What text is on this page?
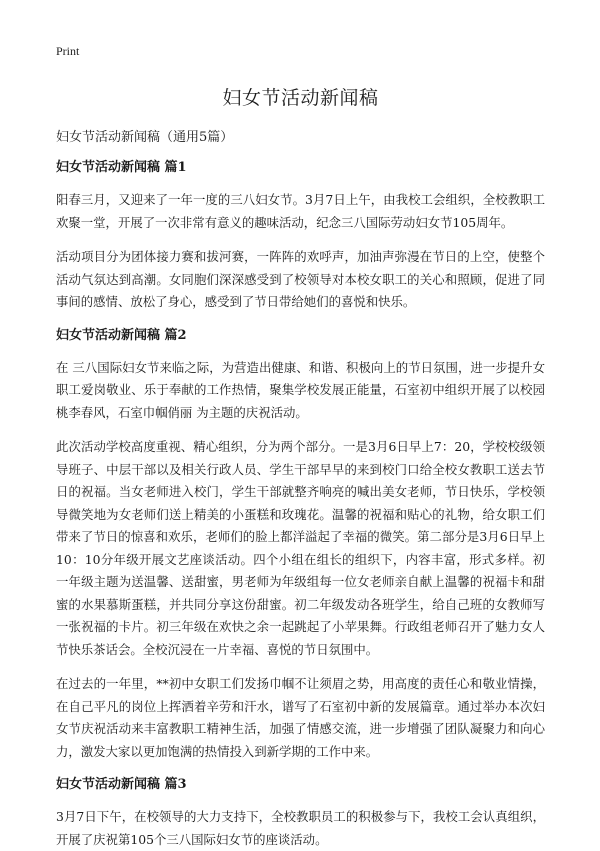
Print
妇女节活动新闻稿
妇女节活动新闻稿（通用5篇）
妇女节活动新闻稿 篇1

阳春三月，又迎来了一年一度的三八妇女节。3月7日上午，由我校工会组织，全校教职工欢聚一堂，开展了一次非常有意义的趣味活动，纪念三八国际劳动妇女节105周年。

活动项目分为团体接力赛和拔河赛，一阵阵的欢呼声，加油声弥漫在节日的上空，使整个活动气氛达到高潮。女同胞们深深感受到了校领导对本校女职工的关心和照顾，促进了同事间的感情、放松了身心，感受到了节日带给她们的喜悦和快乐。

妇女节活动新闻稿 篇2

在 三八国际妇女节来临之际，为营造出健康、和谐、积极向上的节日氛围，进一步提升女职工爱岗敬业、乐于奉献的工作热情，聚集学校发展正能量，石室初中组织开展了以校园桃李春风，石室巾帼俏丽 为主题的庆祝活动。

此次活动学校高度重视、精心组织，分为两个部分。一是3月6日早上7：20，学校校级领导班子、中层干部以及相关行政人员、学生干部早早的来到校门口给全校女教职工送去节日的祝福。当女老师进入校门，学生干部就整齐响亮的喊出美女老师，节日快乐，学校领导微笑地为女老师们送上精美的小蛋糕和玫瑰花。温馨的祝福和贴心的礼物，给女职工们带来了节日的惊喜和欢乐，老师们的脸上都洋溢起了幸福的微笑。第二部分是3月6日早上10：10分年级开展文艺座谈活动。四个小组在组长的组织下，内容丰富，形式多样。初一年级主题为送温馨、送甜蜜，男老师为年级组每一位女老师亲自献上温馨的祝福卡和甜蜜的水果慕斯蛋糕，并共同分享这份甜蜜。初二年级发动各班学生，给自己班的女教师写一张祝福的卡片。初三年级在欢快之余一起跳起了小苹果舞。行政组老师召开了魅力女人节快乐茶话会。全校沉浸在一片幸福、喜悦的节日氛围中。

在过去的一年里，**初中女职工们发扬巾帼不让须眉之势，用高度的责任心和敬业情操，在自己平凡的岗位上挥洒着辛劳和汗水，谱写了石室初中新的发展篇章。通过举办本次妇女节庆祝活动来丰富教职工精神生活，加强了情感交流，进一步增强了团队凝聚力和向心力，激发大家以更加饱满的热情投入到新学期的工作中来。

妇女节活动新闻稿 篇3

3月7日下午，在校领导的大力支持下，全校教职员工的积极参与下，我校工会认真组织，开展了庆祝第105个三八国际妇女节的座谈活动。
